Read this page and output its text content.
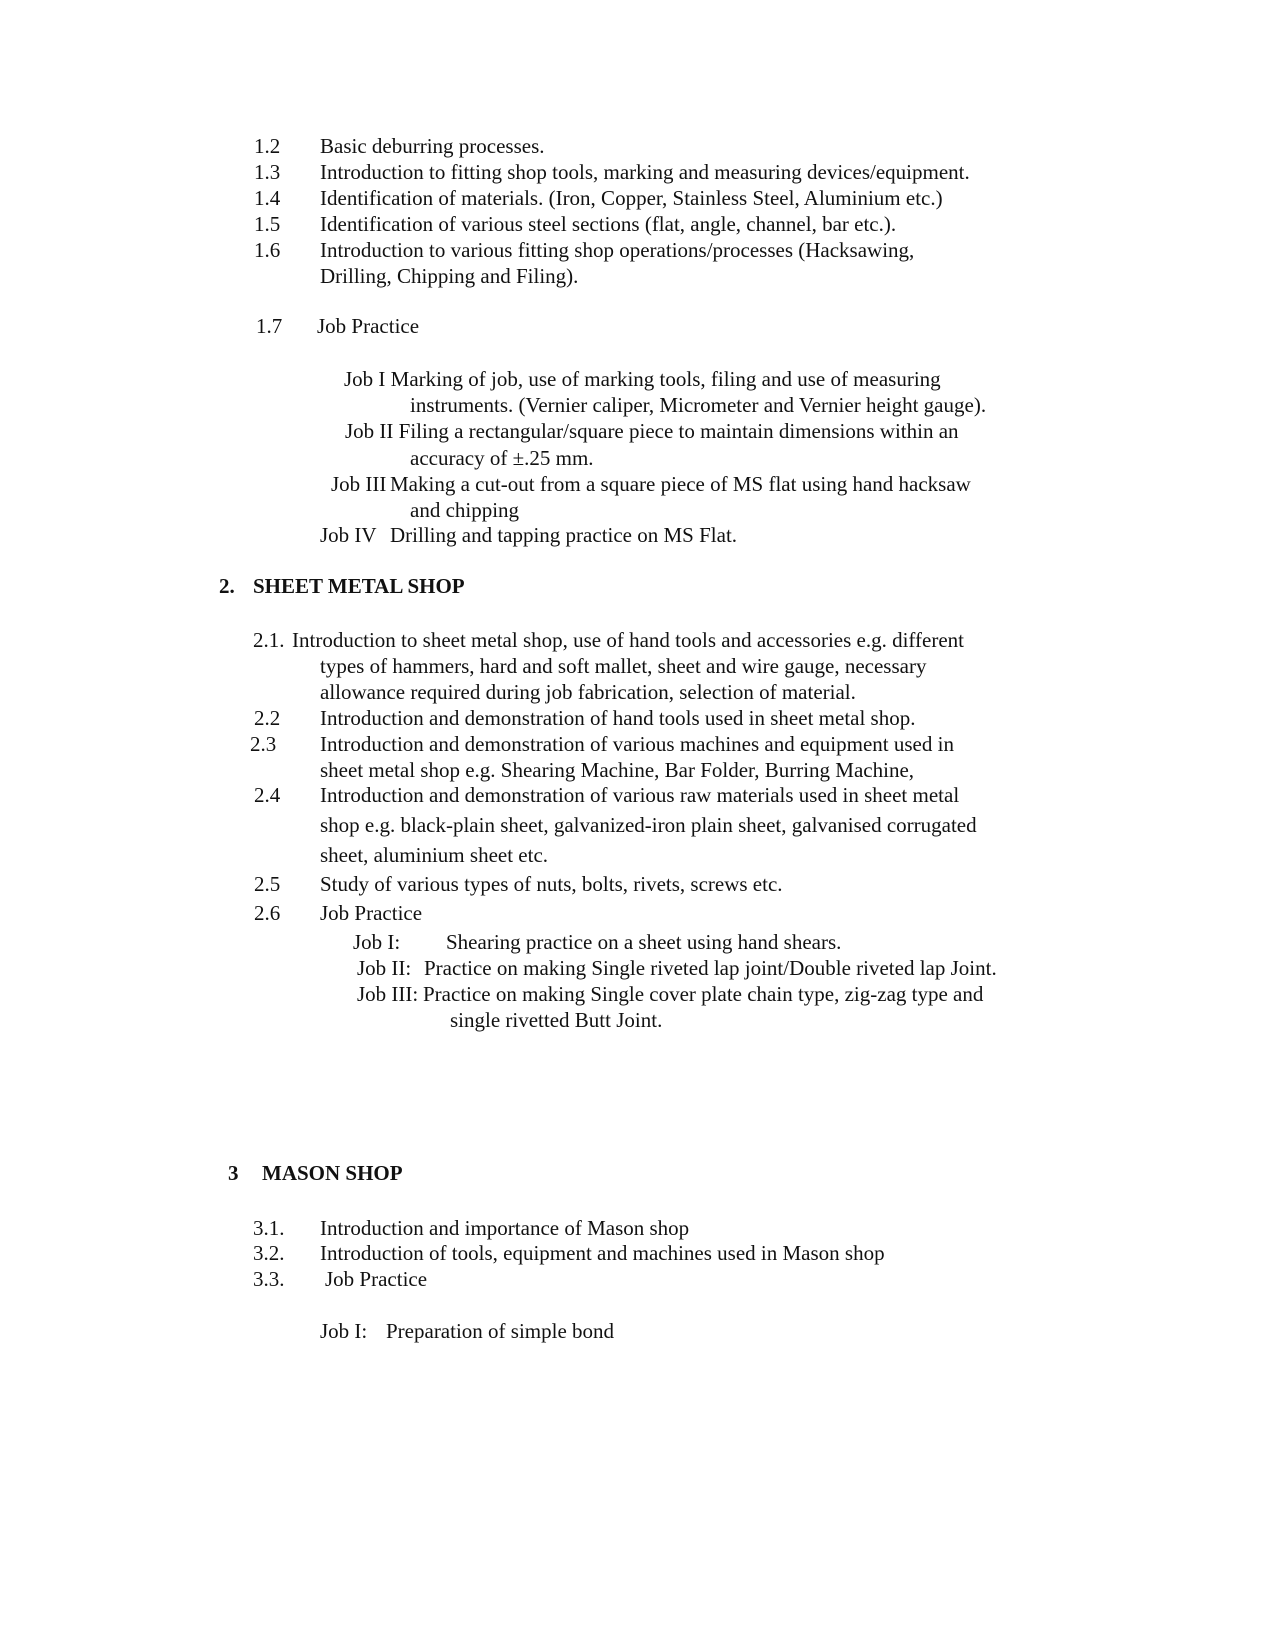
1.2 Basic deburring processes.
1.3 Introduction to fitting shop tools, marking and measuring devices/equipment.
1.4 Identification of materials. (Iron, Copper, Stainless Steel, Aluminium etc.)
1.5 Identification of various steel sections (flat, angle, channel, bar etc.).
1.6 Introduction to various fitting shop operations/processes (Hacksawing,
Drilling, Chipping and Filing).
1.7 Job Practice
Job I Marking of job, use of marking tools, filing and use of measuring
instruments. (Vernier caliper, Micrometer and Vernier height gauge).
Job II Filing a rectangular/square piece to maintain dimensions within an
accuracy of ±.25 mm.
Job III Making a cut-out from a square piece of MS flat using hand hacksaw
and chipping
Job IV Drilling and tapping practice on MS Flat.
2. SHEET METAL SHOP
2.1. Introduction to sheet metal shop, use of hand tools and accessories e.g. different
types of hammers, hard and soft mallet, sheet and wire gauge, necessary
allowance required during job fabrication, selection of material.
2.2 Introduction and demonstration of hand tools used in sheet metal shop.
2.3 Introduction and demonstration of various machines and equipment used in
sheet metal shop e.g. Shearing Machine, Bar Folder, Burring Machine,
2.4 Introduction and demonstration of various raw materials used in sheet metal
shop e.g. black-plain sheet, galvanized-iron plain sheet, galvanised corrugated
sheet, aluminium sheet etc.
2.5 Study of various types of nuts, bolts, rivets, screws etc.
2.6 Job Practice
Job I: Shearing practice on a sheet using hand shears.
Job II: Practice on making Single riveted lap joint/Double riveted lap Joint.
Job III: Practice on making Single cover plate chain type, zig-zag type and
single rivetted Butt Joint.
3 MASON SHOP
3.1. Introduction and importance of Mason shop
3.2. Introduction of tools, equipment and machines used in Mason shop
3.3. Job Practice
Job I: Preparation of simple bond
